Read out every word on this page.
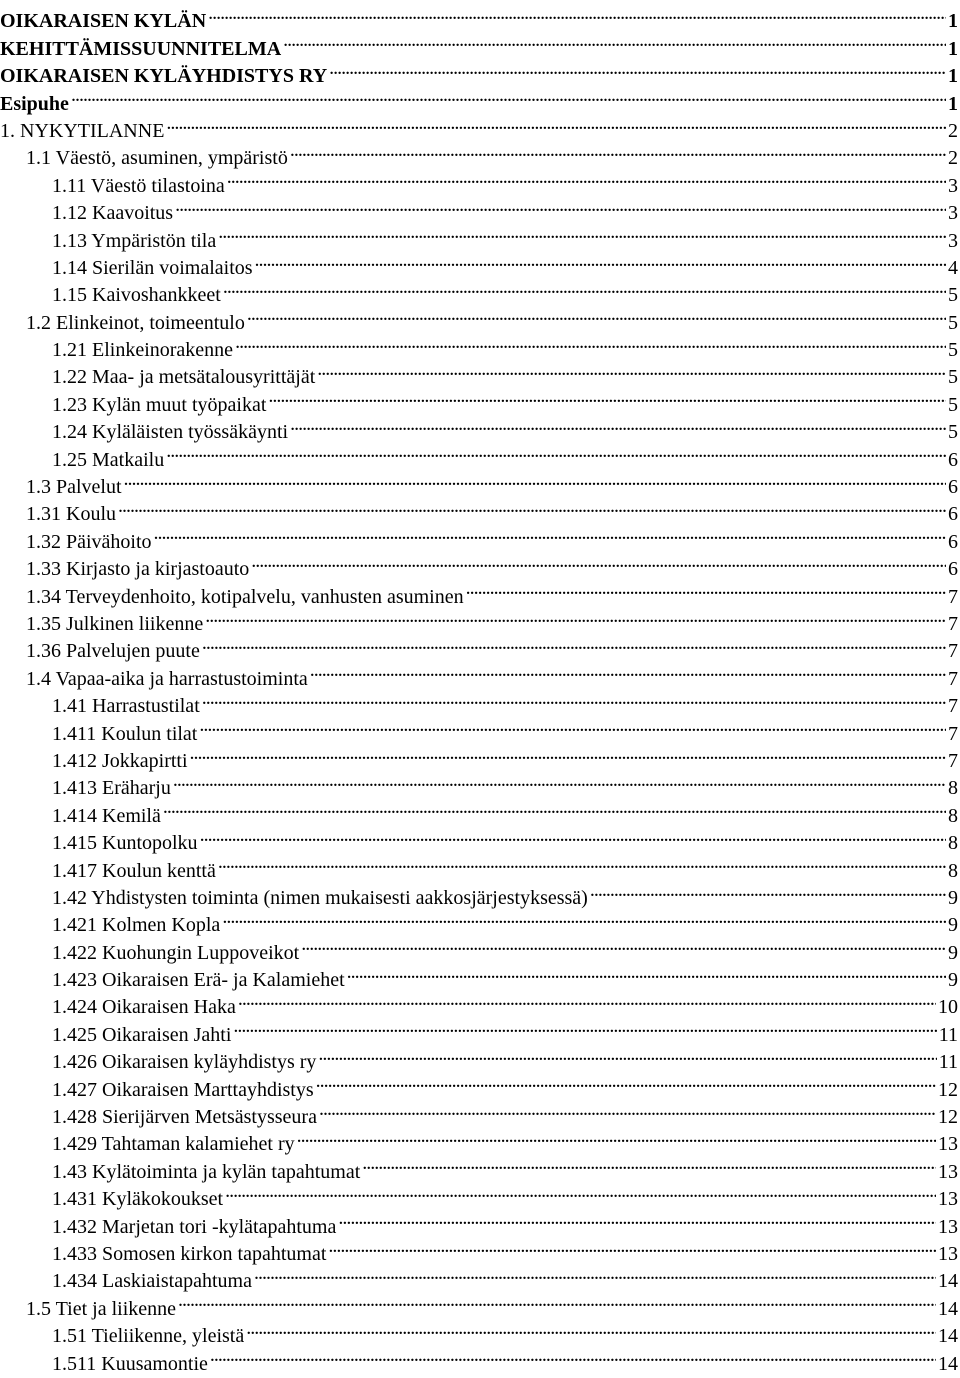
OIKARAISEN KYLÄN . . .	1
KEHITTÄMISSUUNNITELMA . . .	1
OIKARAISEN KYLÄYHDISTYS RY . . .	1
Esipuhe . . .	1
1. NYKYTILANNE . . .	2
1.1 Väestö, asuminen, ympäristö . . .	2
1.11 Väestö tilastoina . . .	3
1.12 Kaavoitus . . .	3
1.13 Ympäristön tila . . .	3
1.14 Sierilän voimalaitos . . .	4
1.15 Kaivoshankkeet . . .	5
1.2 Elinkeinot, toimeentulo . . .	5
1.21 Elinkeinorakenne . . .	5
1.22 Maa- ja metsätalousyrittäjät . . .	5
1.23 Kylän muut työpaikat . . .	5
1.24 Kyläläisten työssäkäynti . . .	5
1.25 Matkailu . . .	6
1.3 Palvelut . . .	6
1.31 Koulu . . .	6
1.32 Päivähoito . . .	6
1.33 Kirjasto ja kirjastoauto . . .	6
1.34 Terveydenhoito, kotipalvelu, vanhusten asuminen . . .	7
1.35 Julkinen liikenne . . .	7
1.36 Palvelujen puute . . .	7
1.4 Vapaa-aika ja harrastustoiminta . . .	7
1.41 Harrastustilat . . .	7
1.411 Koulun tilat . . .	7
1.412 Jokkapirtti . . .	7
1.413 Eräharju . . .	8
1.414 Kemilä . . .	8
1.415 Kuntopolku . . .	8
1.417 Koulun kenttä . . .	8
1.42 Yhdistysten toiminta (nimen mukaisesti aakkosjärjestyksessä) . . .	9
1.421 Kolmen Kopla . . .	9
1.422 Kuohungin Luppoveikot . . .	9
1.423 Oikaraisen Erä- ja Kalamiehet . . .	9
1.424 Oikaraisen Haka . . .	10
1.425 Oikaraisen Jahti . . .	11
1.426 Oikaraisen kyläyhdistys ry . . .	11
1.427 Oikaraisen Marttayhdistys . . .	12
1.428 Sierijärven Metsästysseura . . .	12
1.429 Tahtaman kalamiehet ry . . .	13
1.43 Kylätoiminta ja kylän tapahtumat . . .	13
1.431 Kyläkokoukset . . .	13
1.432 Marjetan tori -kylätapahtuma . . .	13
1.433 Somosen kirkon tapahtumat . . .	13
1.434 Laskiaistapahtuma . . .	14
1.5 Tiet ja liikenne . . .	14
1.51 Tieliikenne, yleistä . . .	14
1.511 Kuusamontie . . .	14
